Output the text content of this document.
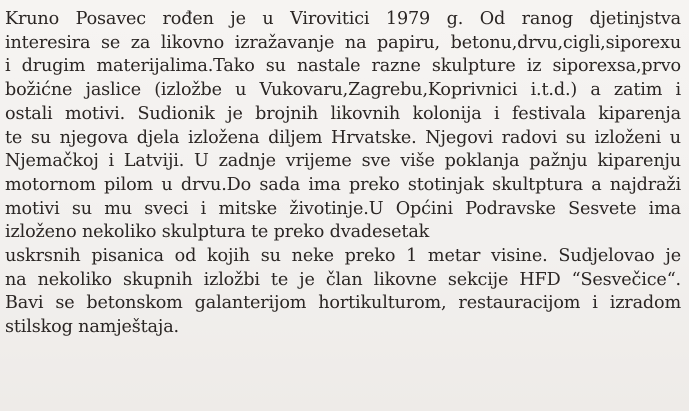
Kruno Posavec rođen je u Virovitici 1979 g. Od ranog djetinjstva
interesira se za likovno izražavanje na papiru, betonu,drvu,cigli,siporexu
i drugim materijalima.Tako su nastale razne skulpture iz siporexsa,prvo
božićne jaslice (izložbe u Vukovaru,Zagrebu,Koprivnici i.t.d.) a zatim i
ostali motivi. Sudionik je brojnih likovnih kolonija i festivala kiparenja
te su njegova djela izložena diljem Hrvatske. Njegovi radovi su izloženi u
Njemačkoj i Latviji. U zadnje vrijeme sve više poklanja pažnju kiparenju
motornom pilom u drvu.Do sada ima preko stotinjak skultptura a najdraži
motivi su mu sveci i mitske životinje.U Općini Podravske Sesvete ima
izloženo nekoliko skulptura te preko dvadesetak
uskrsnih pisanica od kojih su neke preko 1 metar visine. Sudjelovao je
na nekoliko skupnih izložbi te je član likovne sekcije HFD “Sesvečice“.
Bavi se betonskom galanterijom hortikulturom, restauracijom i izradom
stilskog namještaja.
